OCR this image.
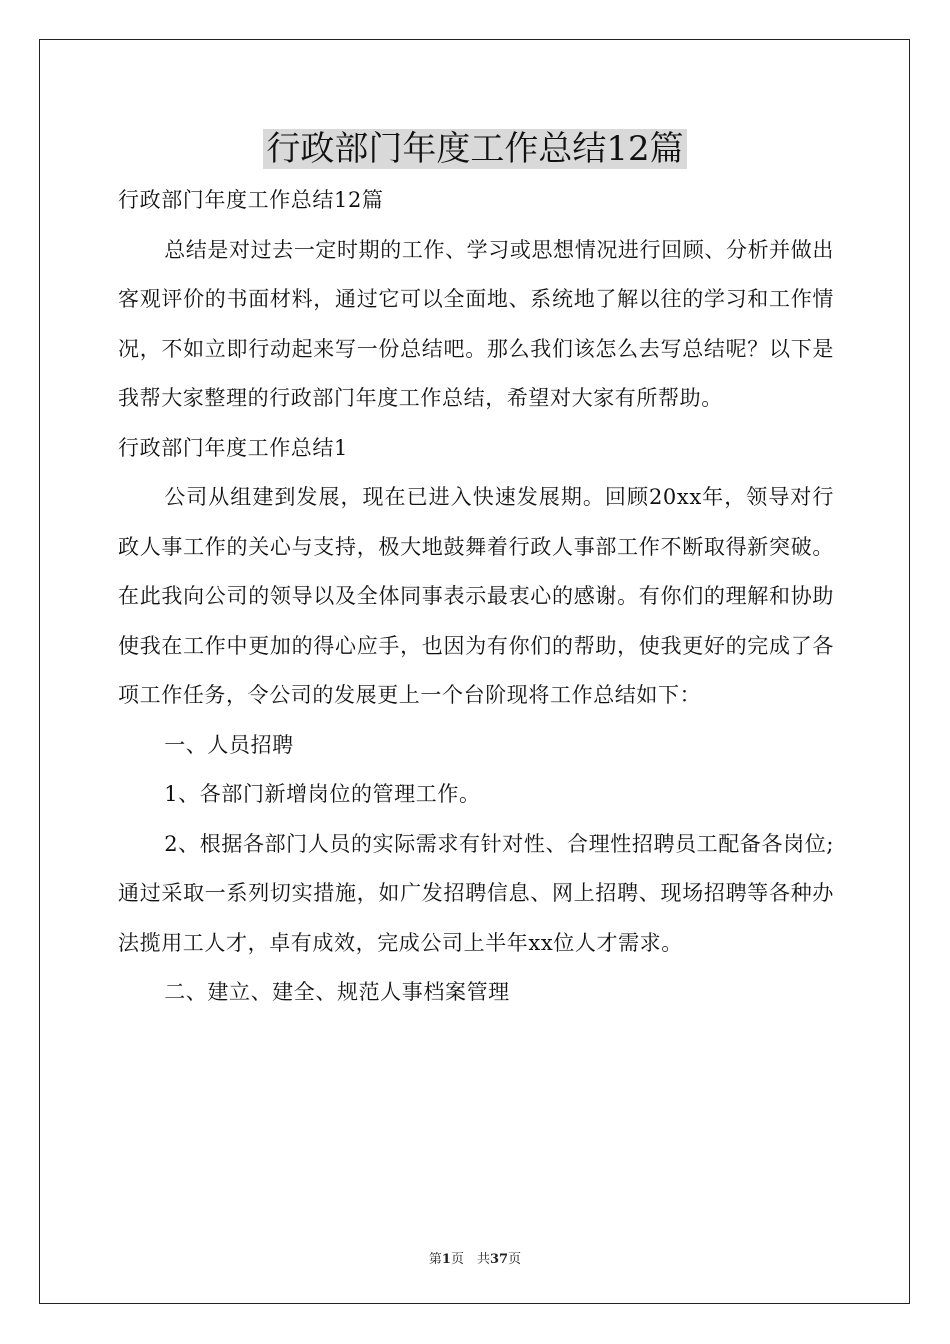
行政部门年度工作总结12篇

行政部门年度工作总结12篇

总结是对过去一定时期的工作、学习或思想情况进行回顾、分析并做出客观评价的书面材料，通过它可以全面地、系统地了解以往的学习和工作情况，不如立即行动起来写一份总结吧。那么我们该怎么去写总结呢？以下是我帮大家整理的行政部门年度工作总结，希望对大家有所帮助。

行政部门年度工作总结1

公司从组建到发展，现在已进入快速发展期。回顾20xx年，领导对行政人事工作的关心与支持，极大地鼓舞着行政人事部工作不断取得新突破。在此我向公司的领导以及全体同事表示最衷心的感谢。有你们的理解和协助使我在工作中更加的得心应手，也因为有你们的帮助，使我更好的完成了各项工作任务，令公司的发展更上一个台阶现将工作总结如下：

一、人员招聘

1、各部门新增岗位的管理工作。

2、根据各部门人员的实际需求有针对性、合理性招聘员工配备各岗位;通过采取一系列切实措施，如广发招聘信息、网上招聘、现场招聘等各种办法揽用工人才，卓有成效，完成公司上半年xx位人才需求。

二、建立、建全、规范人事档案管理

第1页　共37页
